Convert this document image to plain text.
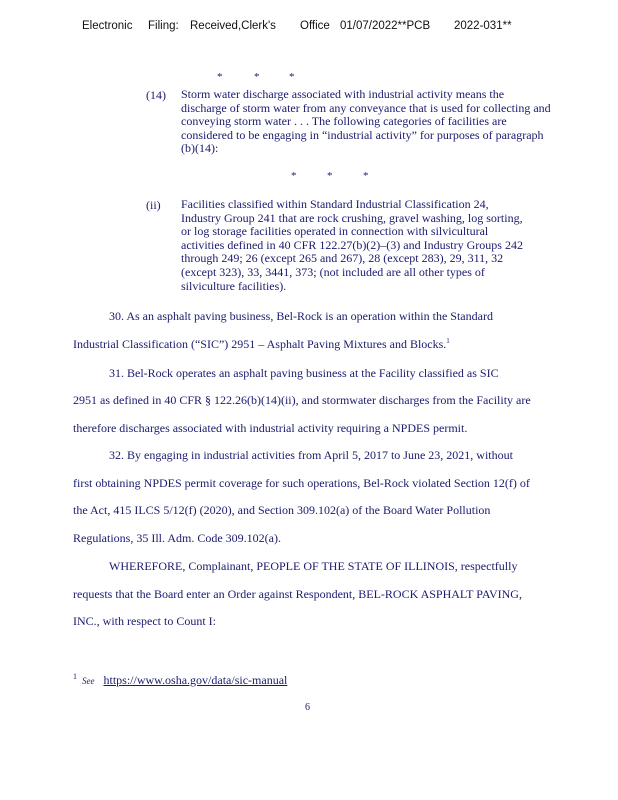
Electronic Filing: Received,Clerk's Office 01/07/2022**PCB 2022-031**
*	*	*
(14) Storm water discharge associated with industrial activity means the discharge of storm water from any conveyance that is used for collecting and conveying storm water . . . The following categories of facilities are considered to be engaging in “industrial activity” for purposes of paragraph (b)(14):
*	*	*
(ii) Facilities classified within Standard Industrial Classification 24, Industry Group 241 that are rock crushing, gravel washing, log sorting, or log storage facilities operated in connection with silvicultural activities defined in 40 CFR 122.27(b)(2)–(3) and Industry Groups 242 through 249; 26 (except 265 and 267), 28 (except 283), 29, 311, 32 (except 323), 33, 3441, 373; (not included are all other types of silviculture facilities).
30. As an asphalt paving business, Bel-Rock is an operation within the Standard
Industrial Classification (“SIC”) 2951 – Asphalt Paving Mixtures and Blocks.$^1$
31. Bel-Rock operates an asphalt paving business at the Facility classified as SIC
2951 as defined in 40 CFR § 122.26(b)(14)(ii), and stormwater discharges from the Facility are
therefore discharges associated with industrial activity requiring a NPDES permit.
32. By engaging in industrial activities from April 5, 2017 to June 23, 2021, without
first obtaining NPDES permit coverage for such operations, Bel-Rock violated Section 12(f) of
the Act, 415 ILCS 5/12(f) (2020), and Section 309.102(a) of the Board Water Pollution
Regulations, 35 Ill. Adm. Code 309.102(a).
WHEREFORE, Complainant, PEOPLE OF THE STATE OF ILLINOIS, respectfully
requests that the Board enter an Order against Respondent, BEL-ROCK ASPHALT PAVING,
INC., with respect to Count I:
$^1$ See https://www.osha.gov/data/sic-manual
6
